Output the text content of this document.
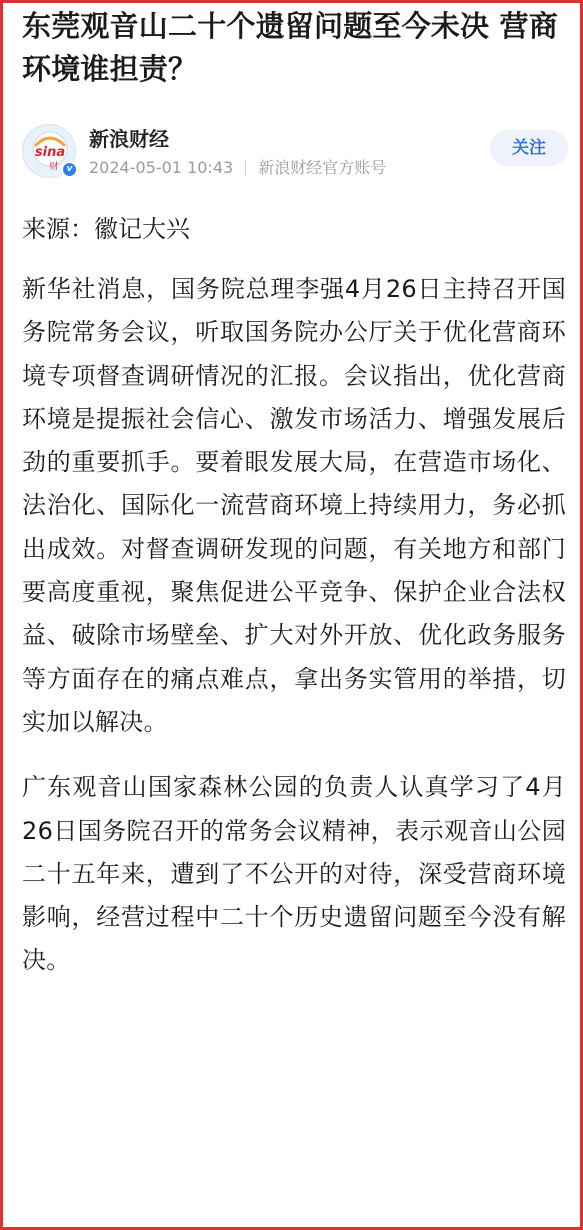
东莞观音山二十个遗留问题至今未决 营商环境谁担责？
sina
财 v
新浪财经
2024-05-01 10:43 新浪财经官方账号
关注

来源：徽记大兴

新华社消息，国务院总理李强4月26日主持召开国务院常务会议，听取国务院办公厅关于优化营商环境专项督查调研情况的汇报。会议指出，优化营商环境是提振社会信心、激发市场活力、增强发展后劲的重要抓手。要着眼发展大局，在营造市场化、法治化、国际化一流营商环境上持续用力，务必抓出成效。对督查调研发现的问题，有关地方和部门要高度重视，聚焦促进公平竞争、保护企业合法权益、破除市场壁垒、扩大对外开放、优化政务服务等方面存在的痛点难点，拿出务实管用的举措，切实加以解决。

广东观音山国家森林公园的负责人认真学习了4月26日国务院召开的常务会议精神，表示观音山公园二十五年来，遭到了不公开的对待，深受营商环境影响，经营过程中二十个历史遗留问题至今没有解决。
